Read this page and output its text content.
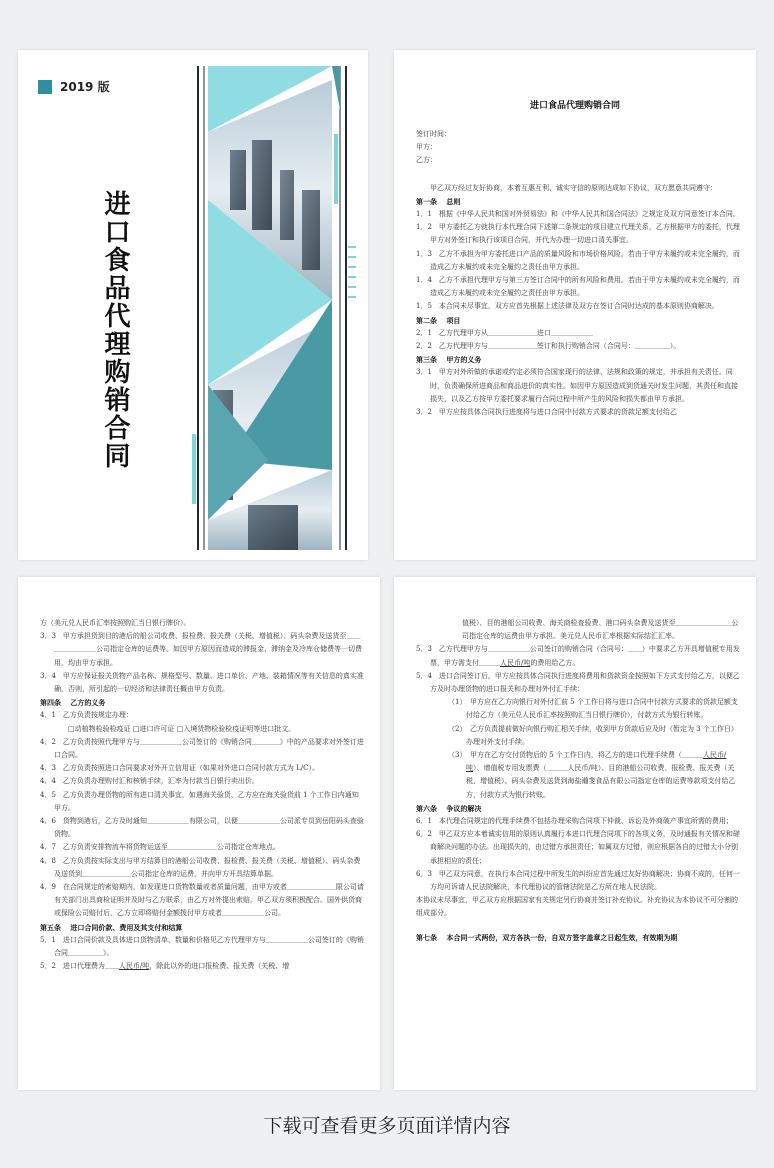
2019 版
进口食品代理购销合同
进口食品代理购销合同

签订时间：

甲方：

乙方：

甲乙双方经过友好协商，本着互惠互利、诚实守信的原则达成如下协议，双方愿意共同遵守：

第一条　 总则

1．1　根据《中华人民共和国对外贸易法》和《中华人民共和国合同法》之规定及双方同意签订本合同。

1．2　甲方委托乙方就执行本代理合同下述第二条规定的项目建立代理关系，乙方根据甲方的委托，代理甲方对外签订和执行该项目合同，并代为办理一切进口清关事宜。

1．3　乙方不承担为甲方委托进口产品的质量风险和市场价格风险。若由于甲方未履约或未完全履约，而造成乙方未履约或未完全履约之责任由甲方承担。

1．4　乙方不承担代理甲方与第三方签订合同中的所有风险和费用。若由于甲方未履约或未完全履约，而造成乙方未履约或未完全履约之责任由甲方承担。

1．5　本合同未尽事宜，双方应首先根据上述法律及双方在签订合同时达成的基本原则协商解决。

第二条　 项目

2．1　乙方代理甲方从＿＿＿＿＿＿＿进口＿＿＿＿＿＿

2．2　乙方代理甲方与＿＿＿＿＿＿＿签订和执行购销合同（合同号：＿＿＿＿＿）。

第三条　 甲方的义务

3．1　甲方对外所做的承诺或约定必须符合国家现行的法律、法规和政策的规定，并承担有关责任。同时，负责确保所进商品和商品进价的真实性。如因甲方原因造成到货通关时发生问题，其责任和直接损失，以及乙方按甲方委托要求履行合同过程中所产生的风险和损失都由甲方承担。

3．2　甲方应按具体合同执行进度将与进口合同中付款方式要求的货款足额支付给乙

方（美元兑人民币汇率按照购汇当日银行牌价）。

3．3　甲方承担货到目的港后的船公司收费、报检费、报关费（关税、增值税）、码头杂费及送货至＿＿＿＿＿＿＿＿公司指定仓库的运费等。如因甲方原因而造成的滞报金、滞纳金及冷库仓储费等一切费用，均由甲方承担。

3．4　甲方应保证报关货物产品名称、规格型号、数量、进口单价、产地、装箱情况等有关信息的真实准确，否则，所引起的一切经济和法律责任概由甲方负责。

第四条　 乙方的义务

4．1　乙方负责按规定办理：

□动植物检验检疫证 □进口许可证 □入境货物检验检疫证明等进口批文。

4．2　乙方负责按照代理甲方与＿＿＿＿＿＿公司签订的《购销合同＿＿＿＿》中的产品要求对外签订进口合同。

4．3　乙方负责按照进口合同要求对外开立信用证（如果对外进口合同付款方式为 L/C）。

4．4　乙方负责办理购付汇和核销手续，汇率为付款当日银行卖出价。

4．5　乙方负责办理货物的所有进口清关事宜，如遇海关验货，乙方应在海关验货前 1 个工作日内通知甲方。

4．6　货物到港后，乙方及时通知＿＿＿＿＿＿有限公司，以便＿＿＿＿＿＿公司派专员到岳阳码头查验货物。

4．7　乙方负责安排物流车将货物运送至＿＿＿＿＿＿＿公司指定仓库地点。

4．8　乙方负责按实际支出与甲方结算目的港船公司收费、报检费、报关费（关税、增值税）、码头杂费及送货到＿＿＿＿＿＿＿公司指定仓库的运费，并向甲方开具结算单据。

4．9　在合同规定的索赔期内，如发现进口货物数量或者质量问题，由甲方或者＿＿＿＿＿＿＿限公司请有关部门出具商检证明并及时与乙方联系，由乙方对外提出索赔。甲乙双方须积极配合。国外供货商或保险公司赔付后，乙方立即将赔付金额拨付甲方或者＿＿＿＿＿＿公司。

第五条　 进口合同价款、费用及其支付和结算

5．1　进口合同价款及具体进口货物清单、数量和价格见乙方代理甲方与＿＿＿＿＿＿公司签订的《购销合同＿＿＿＿＿》。

5．2　进口代理费为＿＿人民币/吨，除此以外的进口报检费、报关费（关税、增

值税）、目的港船公司收费、海关商检查验费、港口码头杂费及送货至＿＿＿＿＿＿＿＿公司指定仓库的运费由甲方承担。美元兑人民币汇率根据实际结汇汇率。

5．3　乙方代理甲方与＿＿＿＿＿＿公司签订的购销合同（合同号：＿＿）中要求乙方开具增值税专用发票，甲方需支付＿＿＿人民币/吨的费用给乙方。

5．4　进口合同签订后，甲方应按具体合同执行进度将费用和货款资金按照如下方式支付给乙方，以便乙方及时办理货物的进口报关和办理对外付汇手续：

（1）　甲方应在乙方向银行对外付汇前 5 个工作日将与进口合同中付款方式要求的货款足额支付给乙方（美元兑人民币汇率按照购汇当日银行牌价），付款方式为银行转账。

（2）　乙方负责提前做好向银行购汇相关手续，收到甲方货款后应及时（暂定为 3 个工作日）办理对外支付手续。

（3）　甲方在乙方交付货物后的 5 个工作日内，将乙方的进口代理手续费（＿＿＿人民币/吨）、增值税专用发票费（＿＿＿人民币/吨）、目的港船公司收费、报检费、报关费（关税、增值税）、码头杂费及送货到海盐瀚斐食品有限公司指定仓库的运费等款项支付给乙方，付款方式为银行转账。

第六条　 争议的解决

6．1　本代理合同规定的代理手续费不包括办理采购合同项下仲裁、诉讼及外商破产事宜所需的费用；

6．2　甲乙双方应本着诚实信用的原则认真履行本进口代理合同项下的各项义务，及时通报有关情况和磋商解决问题的办法。出现损失的，由过错方承担责任；如属双方过错，则应根据各自的过错大小分别承担相应的责任；

6．3　甲乙双方同意，在执行本合同过程中所发生的纠纷应首先通过友好协商解决；协商不成的，任何一方均可诉请人民法院解决，本代理协议的管辖法院是乙方所在地人民法院。

本协议未尽事宜，甲乙双方应根据国家有关规定另行协商并签订补充协议。补充协议为本协议不可分割的组成部分。

第七条　 本合同一式两份，双方各执一份，自双方签字盖章之日起生效，有效期为期

下载可查看更多页面详情内容
